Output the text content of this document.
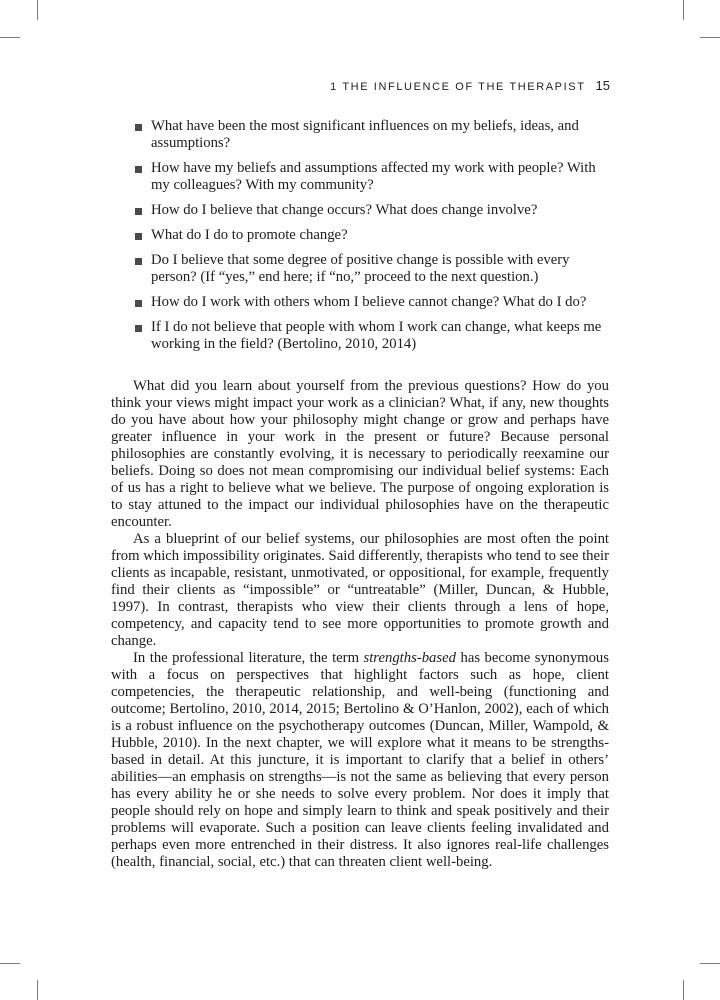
1 THE INFLUENCE OF THE THERAPIST 15
What have been the most significant influences on my beliefs, ideas, and assumptions?
How have my beliefs and assumptions affected my work with people? With my colleagues? With my community?
How do I believe that change occurs? What does change involve?
What do I do to promote change?
Do I believe that some degree of positive change is possible with every person? (If “yes,” end here; if “no,” proceed to the next question.)
How do I work with others whom I believe cannot change? What do I do?
If I do not believe that people with whom I work can change, what keeps me working in the field? (Bertolino, 2010, 2014)

What did you learn about yourself from the previous questions? How do you think your views might impact your work as a clinician? What, if any, new thoughts do you have about how your philosophy might change or grow and perhaps have greater influence in your work in the present or future? Because personal philosophies are constantly evolving, it is necessary to periodically reexamine our beliefs. Doing so does not mean compromising our individual belief systems: Each of us has a right to believe what we believe. The purpose of ongoing exploration is to stay attuned to the impact our individual philosophies have on the therapeutic encounter.

As a blueprint of our belief systems, our philosophies are most often the point from which impossibility originates. Said differently, therapists who tend to see their clients as incapable, resistant, unmotivated, or oppositional, for example, frequently find their clients as “impossible” or “untreatable” (Miller, Duncan, & Hubble, 1997). In contrast, therapists who view their clients through a lens of hope, competency, and capacity tend to see more opportunities to promote growth and change.

In the professional literature, the term strengths-based has become synonymous with a focus on perspectives that highlight factors such as hope, client competencies, the therapeutic relationship, and well-being (functioning and outcome; Bertolino, 2010, 2014, 2015; Bertolino & O’Hanlon, 2002), each of which is a robust influence on the psychotherapy outcomes (Duncan, Miller, Wampold, & Hubble, 2010). In the next chapter, we will explore what it means to be strengths-based in detail. At this juncture, it is important to clarify that a belief in others’ abilities—an emphasis on strengths—is not the same as believing that every person has every ability he or she needs to solve every problem. Nor does it imply that people should rely on hope and simply learn to think and speak positively and their problems will evaporate. Such a position can leave clients feeling invalidated and perhaps even more entrenched in their distress. It also ignores real-life challenges (health, financial, social, etc.) that can threaten client well-being.
